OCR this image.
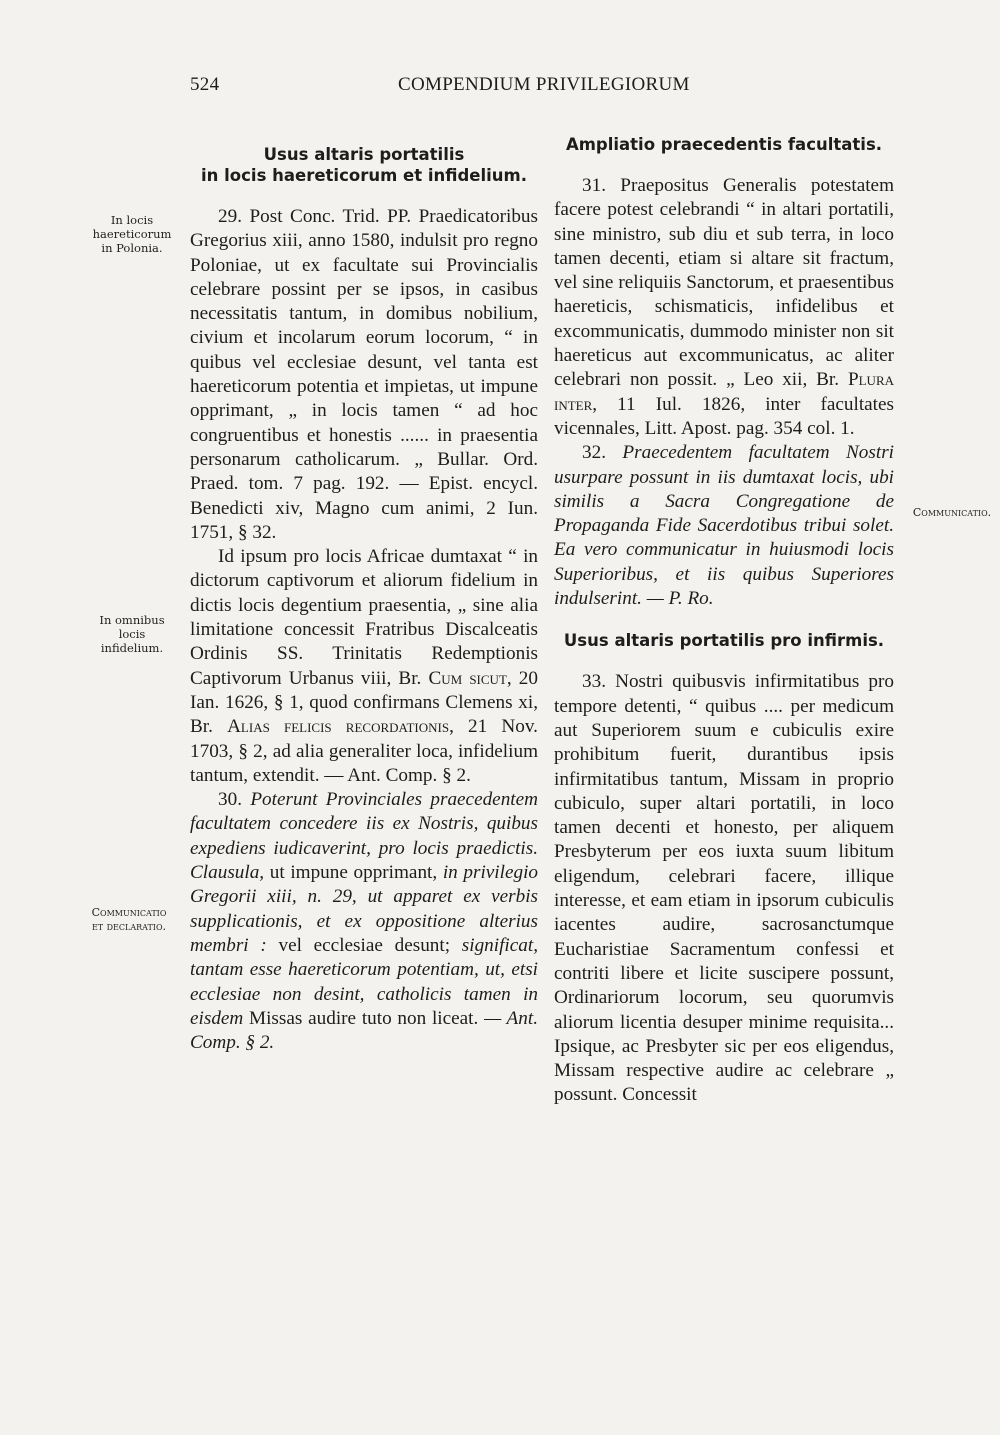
524	COMPENDIUM PRIVILEGIORUM
In locis
haereticorum
in Polonia.
In omnibus
locis
infidelium.
Communicatio
et declaratio.
Communicatio.
Usus altaris portatilis
in locis haereticorum et infidelium.

29. Post Conc. Trid. PP. Praedicatoribus Gregorius xiii, anno 1580, indulsit pro regno Poloniae, ut ex facultate sui Provincialis celebrare possint per se ipsos, in casibus necessitatis tantum, in domibus nobilium, civium et incolarum eorum locorum, “ in quibus vel ecclesiae desunt, vel tanta est haereticorum potentia et impietas, ut impune opprimant, „ in locis tamen “ ad hoc congruentibus et honestis ...... in praesentia personarum catholicarum. „ Bullar. Ord. Praed. tom. 7 pag. 192. — Epist. encycl. Benedicti xiv, Magno cum animi, 2 Iun. 1751, § 32.

Id ipsum pro locis Africae dumtaxat “ in dictorum captivorum et aliorum fidelium in dictis locis degentium praesentia, „ sine alia limitatione concessit Fratribus Discalceatis Ordinis SS. Trinitatis Redemptionis Captivorum Urbanus viii, Br. Cum sicut, 20 Ian. 1626, § 1, quod confirmans Clemens xi, Br. Alias felicis recordationis, 21 Nov. 1703, § 2, ad alia generaliter loca, infidelium tantum, extendit. — Ant. Comp. § 2.

30. Poterunt Provinciales praecedentem facultatem concedere iis ex Nostris, quibus expediens iudicaverint, pro locis praedictis. Clausula, ut impune opprimant, in privilegio Gregorii xiii, n. 29, ut apparet ex verbis supplicationis, et ex oppositione alterius membri : vel ecclesiae desunt; significat, tantam esse haereticorum potentiam, ut, etsi ecclesiae non desint, catholicis tamen in eisdem Missas audire tuto non liceat. — Ant. Comp. § 2.

Ampliatio praecedentis facultatis.

31. Praepositus Generalis potestatem facere potest celebrandi “ in altari portatili, sine ministro, sub diu et sub terra, in loco tamen decenti, etiam si altare sit fractum, vel sine reliquiis Sanctorum, et praesentibus haereticis, schismaticis, infidelibus et excommunicatis, dummodo minister non sit haereticus aut excommunicatus, ac aliter celebrari non possit. „ Leo xii, Br. Plura inter, 11 Iul. 1826, inter facultates vicennales, Litt. Apost. pag. 354 col. 1.

32. Praecedentem facultatem Nostri usurpare possunt in iis dumtaxat locis, ubi similis a Sacra Congregatione de Propaganda Fide Sacerdotibus tribui solet. Ea vero communicatur in huiusmodi locis Superioribus, et iis quibus Superiores indulserint. — P. Ro.

Usus altaris portatilis pro infirmis.

33. Nostri quibusvis infirmitatibus pro tempore detenti, “ quibus .... per medicum aut Superiorem suum e cubiculis exire prohibitum fuerit, durantibus ipsis infirmitatibus tantum, Missam in proprio cubiculo, super altari portatili, in loco tamen decenti et honesto, per aliquem Presbyterum per eos iuxta suum libitum eligendum, celebrari facere, illique interesse, et eam etiam in ipsorum cubiculis iacentes audire, sacrosanctumque Eucharistiae Sacramentum confessi et contriti libere et licite suscipere possunt, Ordinariorum locorum, seu quorumvis aliorum licentia desuper minime requisita... Ipsique, ac Presbyter sic per eos eligendus, Missam respective audire ac celebrare „ possunt. Concessit
